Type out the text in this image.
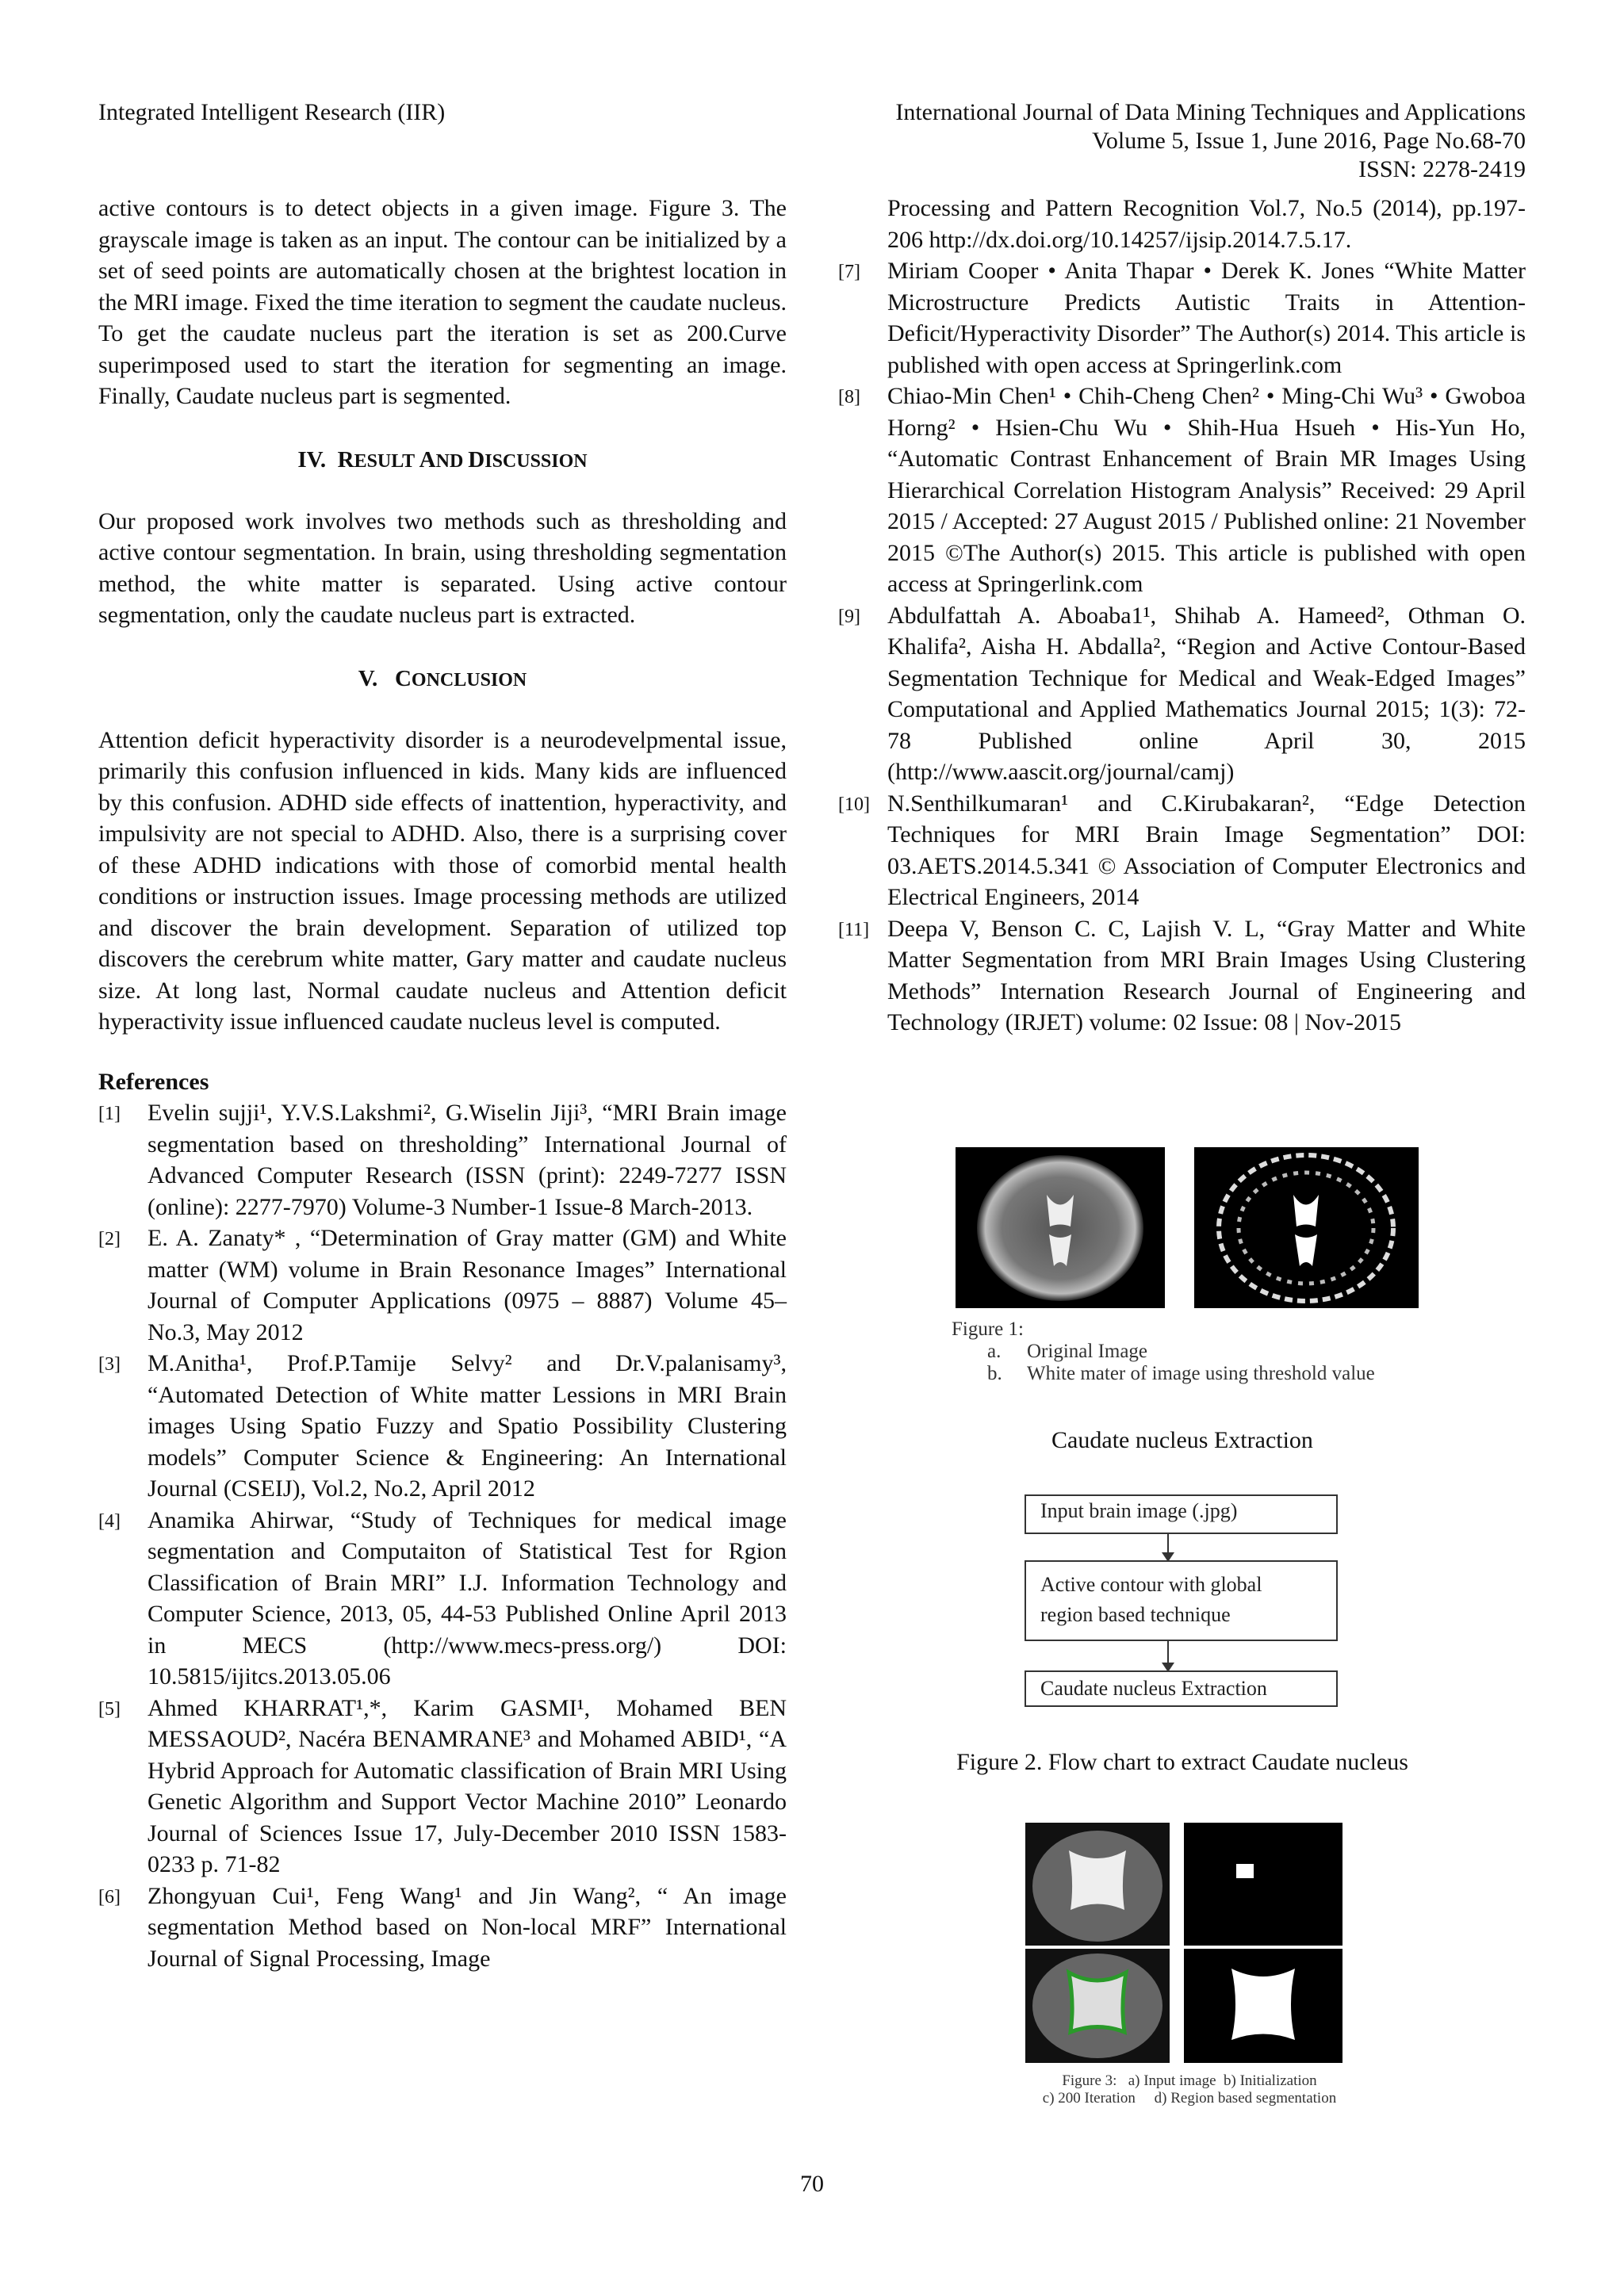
Integrated Intelligent Research (IIR)	International Journal of Data Mining Techniques and Applications
Volume 5, Issue 1, June 2016, Page No.68-70
ISSN: 2278-2419

active contours is to detect objects in a given image. Figure 3. The grayscale image is taken as an input. The contour can be initialized by a set of seed points are automatically chosen at the brightest location in the MRI image. Fixed the time iteration to segment the caudate nucleus. To get the caudate nucleus part the iteration is set as 200.Curve superimposed used to start the iteration for segmenting an image. Finally, Caudate nucleus part is segmented.

IV. RESULT AND DISCUSSION

Our proposed work involves two methods such as thresholding and active contour segmentation. In brain, using thresholding segmentation method, the white matter is separated. Using active contour segmentation, only the caudate nucleus part is extracted.

V. CONCLUSION

Attention deficit hyperactivity disorder is a neurodevelpmental issue, primarily this confusion influenced in kids. Many kids are influenced by this confusion. ADHD side effects of inattention, hyperactivity, and impulsivity are not special to ADHD. Also, there is a surprising cover of these ADHD indications with those of comorbid mental health conditions or instruction issues. Image processing methods are utilized and discover the brain development. Separation of utilized top discovers the cerebrum white matter, Gary matter and caudate nucleus size. At long last, Normal caudate nucleus and Attention deficit hyperactivity issue influenced caudate nucleus level is computed.

References
[1] Evelin sujji¹, Y.V.S.Lakshmi², G.Wiselin Jiji³, “MRI Brain image segmentation based on thresholding” International Journal of Advanced Computer Research (ISSN (print): 2249-7277 ISSN (online): 2277-7970) Volume-3 Number-1 Issue-8 March-2013.
[2] E. A. Zanaty* , “Determination of Gray matter (GM) and White matter (WM) volume in Brain Resonance Images” International Journal of Computer Applications (0975 – 8887) Volume 45– No.3, May 2012
[3] M.Anitha¹, Prof.P.Tamije Selvy² and Dr.V.palanisamy³, “Automated Detection of White matter Lessions in MRI Brain images Using Spatio Fuzzy and Spatio Possibility Clustering models” Computer Science & Engineering: An International Journal (CSEIJ), Vol.2, No.2, April 2012
[4] Anamika Ahirwar, “Study of Techniques for medical image segmentation and Computaiton of Statistical Test for Rgion Classification of Brain MRI” I.J. Information Technology and Computer Science, 2013, 05, 44-53 Published Online April 2013 in MECS (http://www.mecs-press.org/) DOI: 10.5815/ijitcs.2013.05.06
[5] Ahmed KHARRAT¹,*, Karim GASMI¹, Mohamed BEN MESSAOUD², Nacéra BENAMRANE³ and Mohamed ABID¹, “A Hybrid Approach for Automatic classification of Brain MRI Using Genetic Algorithm and Support Vector Machine 2010” Leonardo Journal of Sciences Issue 17, July-December 2010 ISSN 1583-0233 p. 71-82
[6] Zhongyuan Cui¹, Feng Wang¹ and Jin Wang², “ An image segmentation Method based on Non-local MRF” International Journal of Signal Processing, Image
Processing and Pattern Recognition Vol.7, No.5 (2014), pp.197-206 http://dx.doi.org/10.14257/ijsip.2014.7.5.17.
[7] Miriam Cooper • Anita Thapar • Derek K. Jones “White Matter Microstructure Predicts Autistic Traits in Attention-Deficit/Hyperactivity Disorder” The Author(s) 2014. This article is published with open access at Springerlink.com
[8] Chiao-Min Chen¹ • Chih-Cheng Chen² • Ming-Chi Wu³ • Gwoboa Horng² • Hsien-Chu Wu • Shih-Hua Hsueh • His-Yun Ho, “Automatic Contrast Enhancement of Brain MR Images Using Hierarchical Correlation Histogram Analysis” Received: 29 April 2015 / Accepted: 27 August 2015 / Published online: 21 November 2015 ©The Author(s) 2015. This article is published with open access at Springerlink.com
[9] Abdulfattah A. Aboaba1¹, Shihab A. Hameed², Othman O. Khalifa², Aisha H. Abdalla², “Region and Active Contour-Based Segmentation Technique for Medical and Weak-Edged Images” Computational and Applied Mathematics Journal 2015; 1(3): 72-78 Published online April 30, 2015 (http://www.aascit.org/journal/camj)
[10] N.Senthilkumaran¹ and C.Kirubakaran², “Edge Detection Techniques for MRI Brain Image Segmentation” DOI: 03.AETS.2014.5.341 © Association of Computer Electronics and Electrical Engineers, 2014
[11] Deepa V, Benson C. C, Lajish V. L, “Gray Matter and White Matter Segmentation from MRI Brain Images Using Clustering Methods” Internation Research Journal of Engineering and Technology (IRJET) volume: 02 Issue: 08 | Nov-2015
Figure 1:
a. Original Image
b. White mater of image using threshold value
Caudate nucleus Extraction
Input brain image (.jpg)
Active contour with global
region based technique
Caudate nucleus Extraction
Figure 2. Flow chart to extract Caudate nucleus
Figure 3:   a) Input image  b) Initialization
c) 200 Iteration     d) Region based segmentation
70
